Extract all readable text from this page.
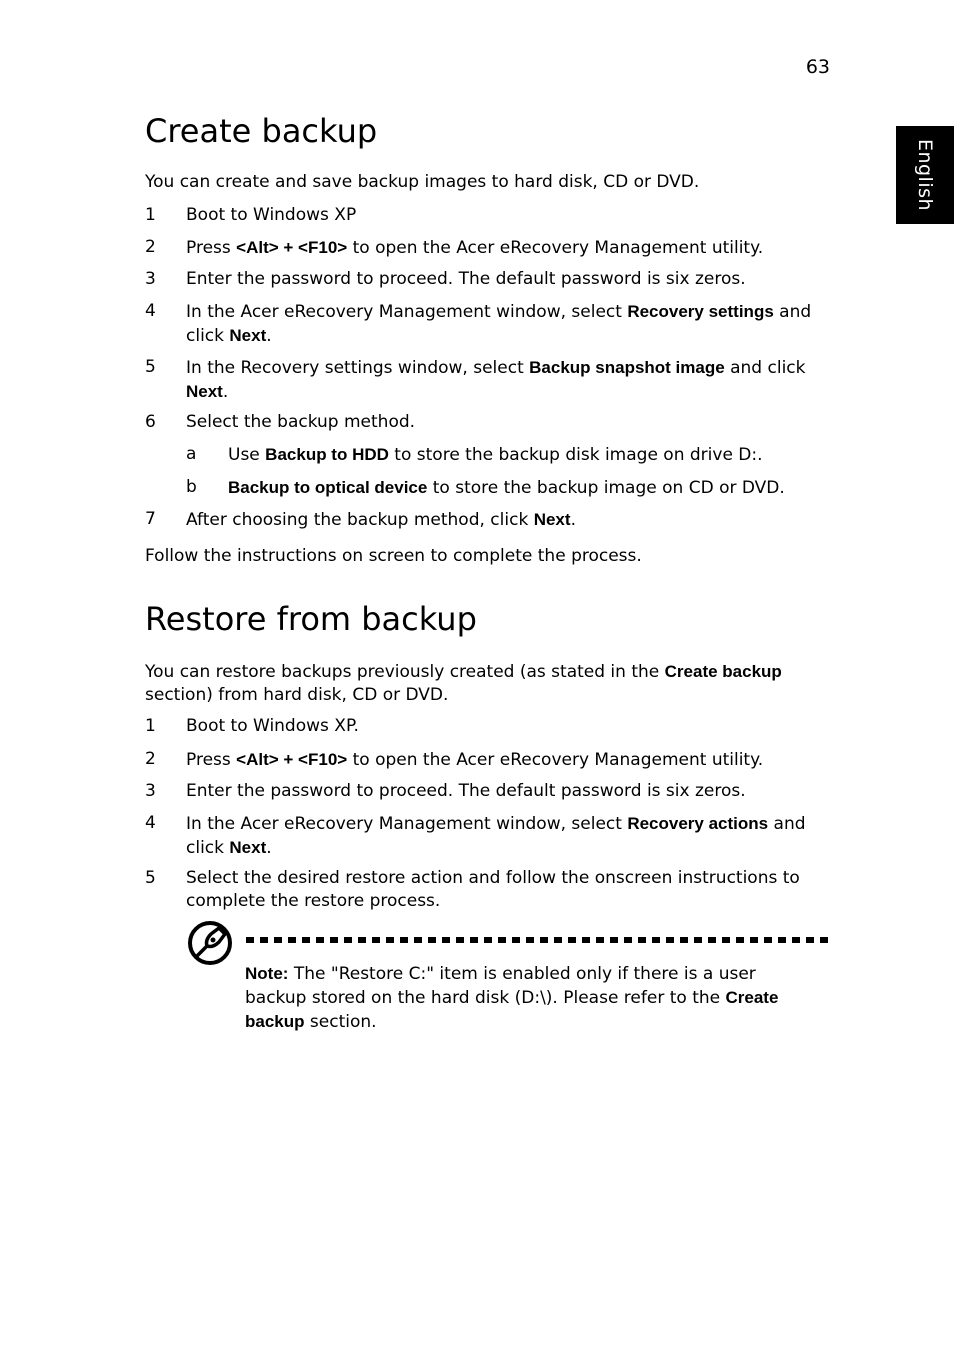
63
English
Create backup

You can create and save backup images to hard disk, CD or DVD.

1 Boot to Windows XP
2 Press <Alt> + <F10> to open the Acer eRecovery Management utility.
3 Enter the password to proceed. The default password is six zeros.
4 In the Acer eRecovery Management window, select Recovery settings and click Next.
5 In the Recovery settings window, select Backup snapshot image and click Next.
6 Select the backup method.
a Use Backup to HDD to store the backup disk image on drive D:.
b Backup to optical device to store the backup image on CD or DVD.
7 After choosing the backup method, click Next.

Follow the instructions on screen to complete the process.

Restore from backup

You can restore backups previously created (as stated in the Create backup section) from hard disk, CD or DVD.

1 Boot to Windows XP.
2 Press <Alt> + <F10> to open the Acer eRecovery Management utility.
3 Enter the password to proceed. The default password is six zeros.
4 In the Acer eRecovery Management window, select Recovery actions and click Next.
5 Select the desired restore action and follow the onscreen instructions to complete the restore process.
Note: The "Restore C:" item is enabled only if there is a user backup stored on the hard disk (D:\). Please refer to the Create backup section.
